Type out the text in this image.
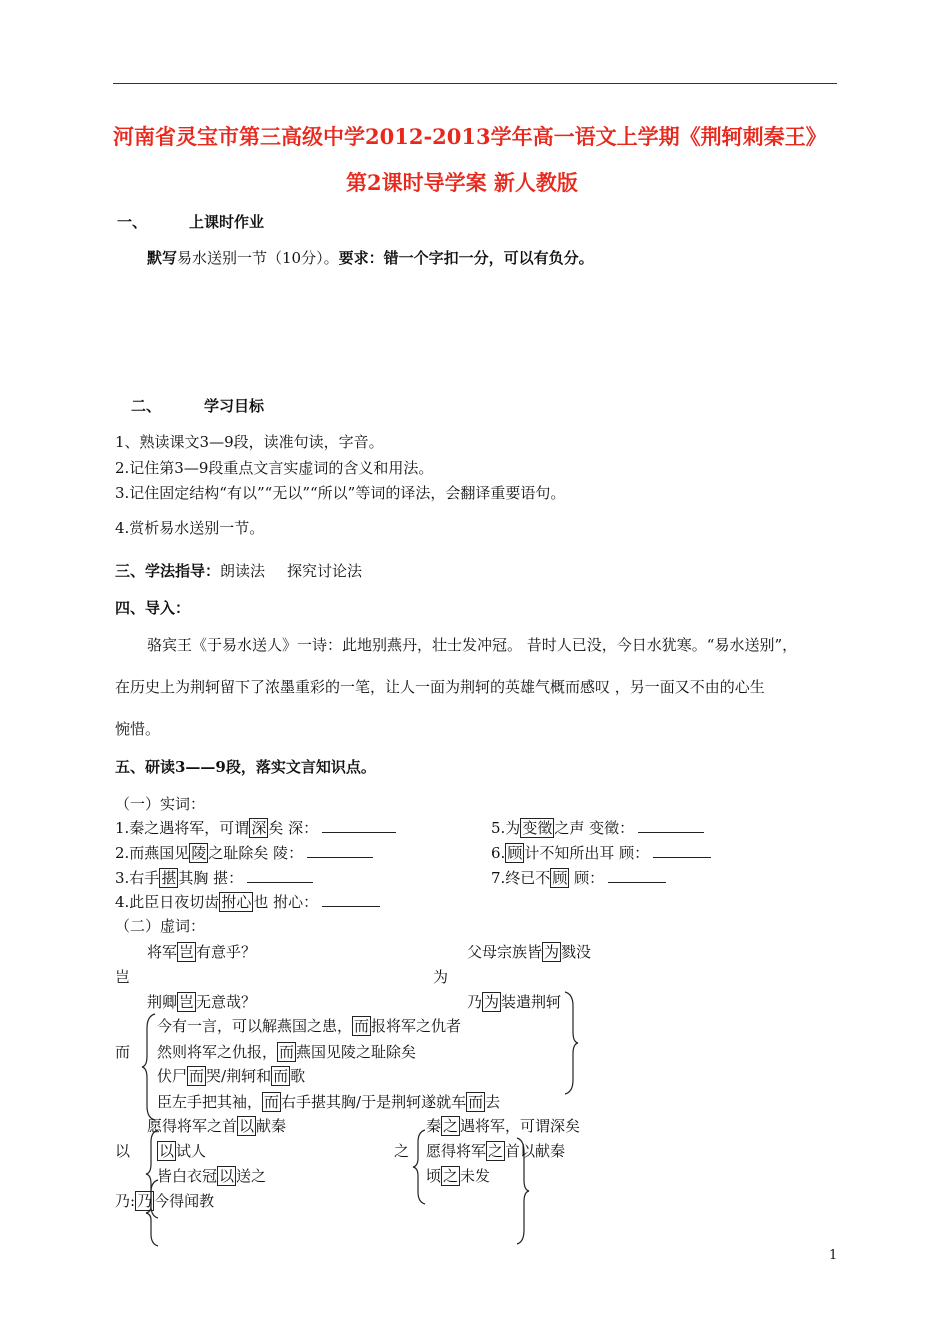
河南省灵宝市第三高级中学2012-2013学年高一语文上学期《荆轲刺秦王》
第2课时导学案 新人教版
一、	上课时作业
默写易水送别一节（10分）。要求：错一个字扣一分，可以有负分。
二、	学习目标
1、熟读课文3—9段，读准句读，字音。
2.记住第3—9段重点文言实虚词的含义和用法。
3.记住固定结构“有以”“无以”“所以”等词的译法，会翻译重要语句。
4.赏析易水送别一节。
三、学法指导：朗读法 探究讨论法
四、导入：
骆宾王《于易水送人》一诗：此地别燕丹，壮士发冲冠。 昔时人已没，今日水犹寒。“易水送别”，
在历史上为荆轲留下了浓墨重彩的一笔，让人一面为荆轲的英雄气概而感叹 ，另一面又不由的心生
惋惜。
五、研读3——9段，落实文言知识点。
（一）实词：
1.秦之遇将军，可谓 深 矣 深：
2.而燕国见 陵 之耻除矣 陵：
3.右手 揕 其胸 揕：
4.此臣日夜切齿 拊心 也 拊心：
5.为 变徵 之声 变徵：
6. 顾 计不知所出耳 顾：
7.终已不 顾 顾：
（二）虚词：
将军 岂 有意乎？
岂
荆卿 岂 无意哉？
父母宗族皆 为 戮没
为
乃 为 装遣荆轲
今有一言，可以解燕国之患， 而 报将军之仇者
而 然则将军之仇报， 而 燕国见陵之耻除矣
伏尸 而 哭/荆轲和 而 歌
臣左手把其袖， 而 右手揕其胸/于是荆轲遂就车 而 去
愿得将军之首 以 献秦
以 以 试人
皆白衣冠 以 送之
秦 之 遇将军，可谓深矣
之 愿得将军 之 首以献秦
顷 之 未发
乃: 乃 今得闻教
1
